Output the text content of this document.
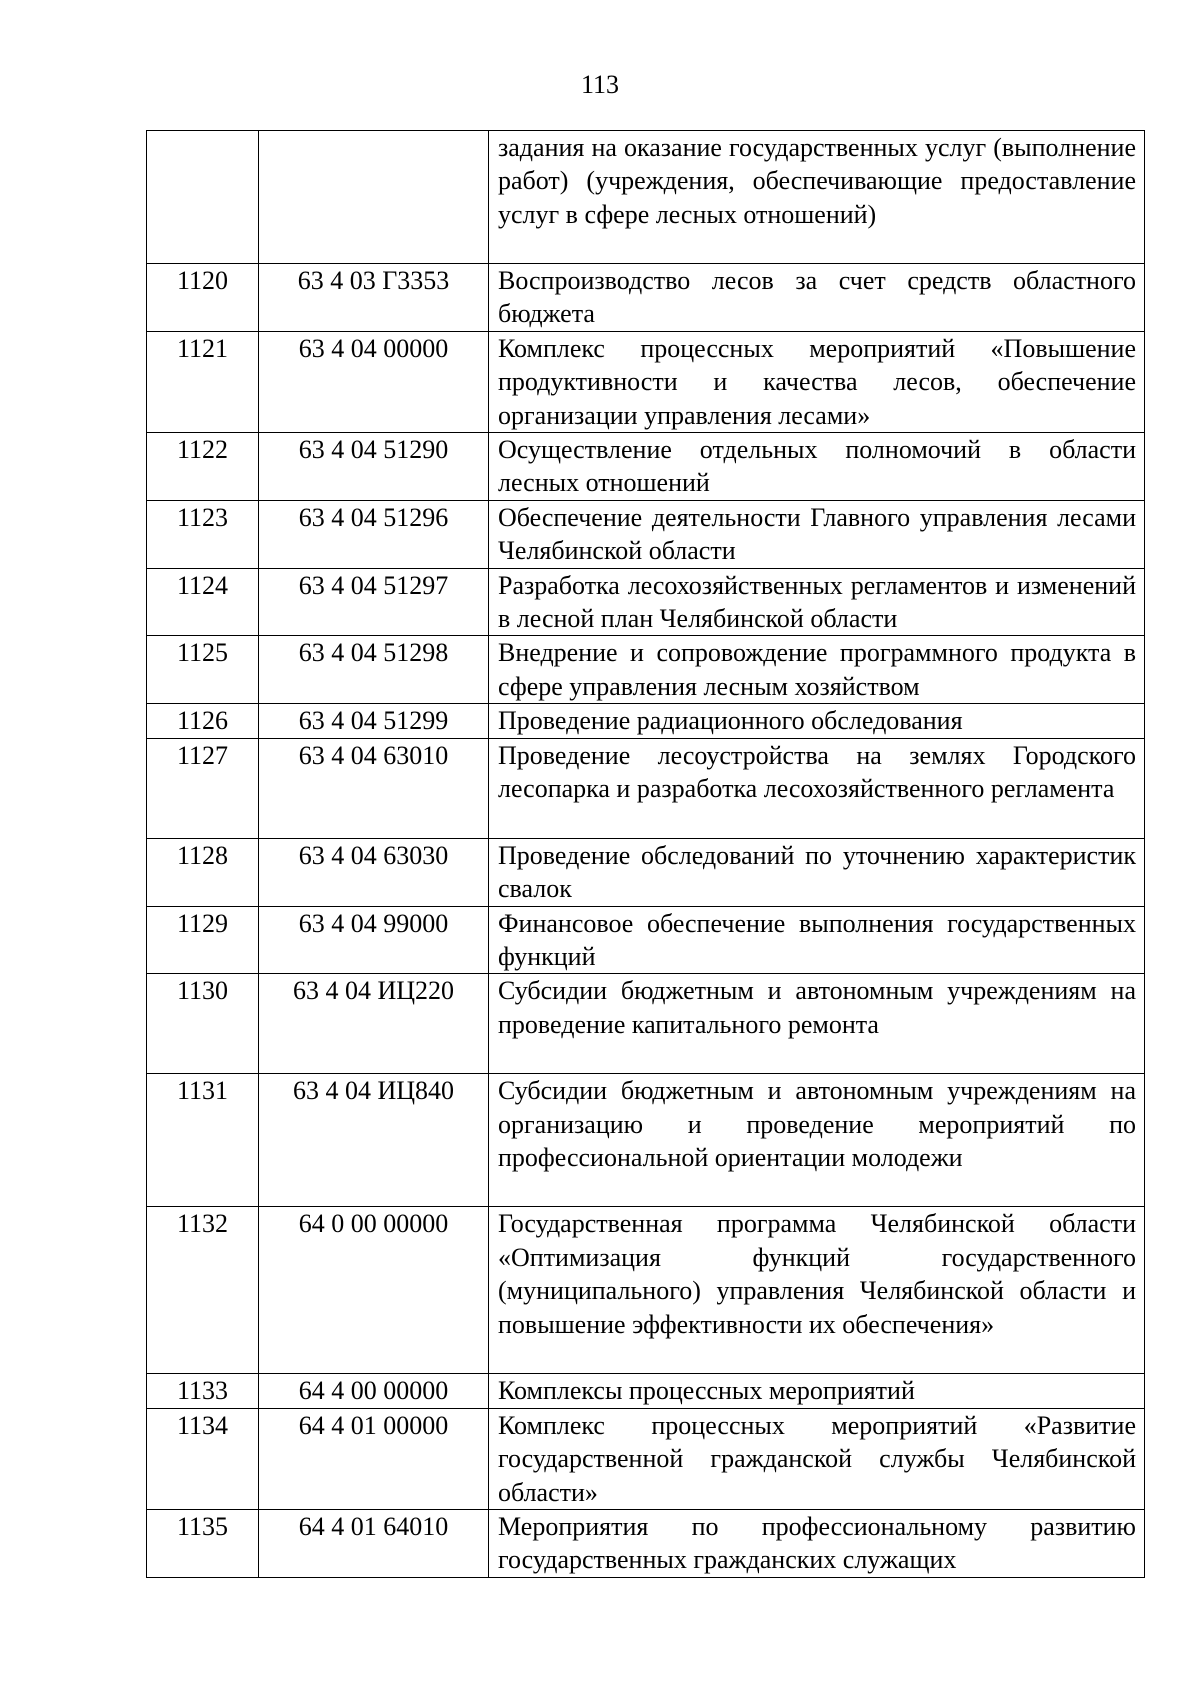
113
		задания на оказание государственных услуг (выполнение работ) (учреждения, обеспечивающие предоставление услуг в сфере лесных отношений)
1120	63 4 03 Г3353	Воспроизводство лесов за счет средств областного бюджета
1121	63 4 04 00000	Комплекс процессных мероприятий «Повышение продуктивности и качества лесов, обеспечение организации управления лесами»
1122	63 4 04 51290	Осуществление отдельных полномочий в области лесных отношений
1123	63 4 04 51296	Обеспечение деятельности Главного управления лесами Челябинской области
1124	63 4 04 51297	Разработка лесохозяйственных регламентов и изменений в лесной план Челябинской области
1125	63 4 04 51298	Внедрение и сопровождение программного продукта в сфере управления лесным хозяйством
1126	63 4 04 51299	Проведение радиационного обследования
1127	63 4 04 63010	Проведение лесоустройства на землях Городского лесопарка и разработка лесохозяйственного регламента
1128	63 4 04 63030	Проведение обследований по уточнению характеристик свалок
1129	63 4 04 99000	Финансовое обеспечение выполнения государственных функций
1130	63 4 04 ИЦ220	Субсидии бюджетным и автономным учреждениям на проведение капитального ремонта
1131	63 4 04 ИЦ840	Субсидии бюджетным и автономным учреждениям на организацию и проведение мероприятий по профессиональной ориентации молодежи
1132	64 0 00 00000	Государственная программа Челябинской области «Оптимизация функций государственного (муниципального) управления Челябинской области и повышение эффективности их обеспечения»
1133	64 4 00 00000	Комплексы процессных мероприятий
1134	64 4 01 00000	Комплекс процессных мероприятий «Развитие государственной гражданской службы Челябинской области»
1135	64 4 01 64010	Мероприятия по профессиональному развитию государственных гражданских служащих
